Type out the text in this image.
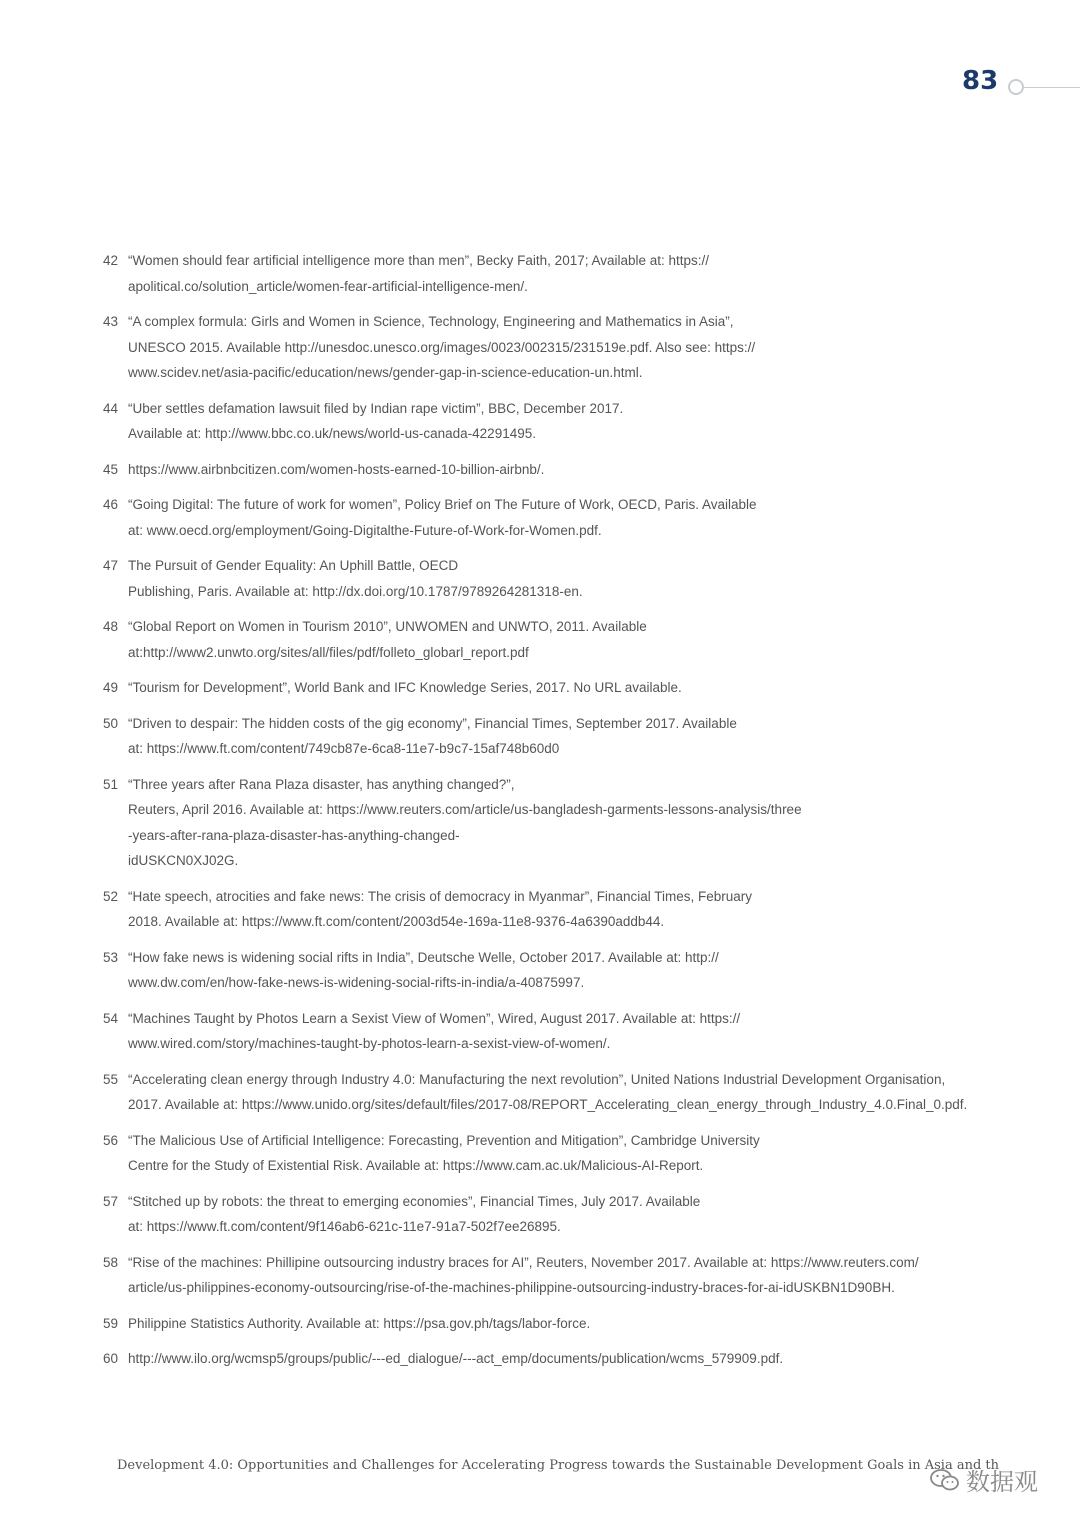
83
42 “Women should fear artificial intelligence more than men”, Becky Faith, 2017; Available at: https://
apolitical.co/solution_article/women-fear-artificial-intelligence-men/.
43 “A complex formula: Girls and Women in Science, Technology, Engineering and Mathematics in Asia”,
UNESCO 2015. Available http://unesdoc.unesco.org/images/0023/002315/231519e.pdf. Also see: https://
www.scidev.net/asia-pacific/education/news/gender-gap-in-science-education-un.html.
44 “Uber settles defamation lawsuit filed by Indian rape victim”, BBC, December 2017.
Available at: http://www.bbc.co.uk/news/world-us-canada-42291495.
45 https://www.airbnbcitizen.com/women-hosts-earned-10-billion-airbnb/.
46 “Going Digital: The future of work for women”, Policy Brief on The Future of Work, OECD, Paris. Available
at: www.oecd.org/employment/Going-Digitalthe-Future-of-Work-for-Women.pdf.
47 The Pursuit of Gender Equality: An Uphill Battle, OECD
Publishing, Paris. Available at: http://dx.doi.org/10.1787/9789264281318-en.
48 “Global Report on Women in Tourism 2010”, UNWOMEN and UNWTO, 2011. Available
at:http://www2.unwto.org/sites/all/files/pdf/folleto_globarl_report.pdf
49 “Tourism for Development”, World Bank and IFC Knowledge Series, 2017. No URL available.
50 “Driven to despair: The hidden costs of the gig economy”, Financial Times, September 2017. Available
at: https://www.ft.com/content/749cb87e-6ca8-11e7-b9c7-15af748b60d0
51 “Three years after Rana Plaza disaster, has anything changed?”,
Reuters, April 2016. Available at: https://www.reuters.com/article/us-bangladesh-garments-lessons-analysis/three
-years-after-rana-plaza-disaster-has-anything-changed-
idUSKCN0XJ02G.
52 “Hate speech, atrocities and fake news: The crisis of democracy in Myanmar”, Financial Times, February
2018. Available at: https://www.ft.com/content/2003d54e-169a-11e8-9376-4a6390addb44.
53 “How fake news is widening social rifts in India”, Deutsche Welle, October 2017. Available at: http://
www.dw.com/en/how-fake-news-is-widening-social-rifts-in-india/a-40875997.
54 “Machines Taught by Photos Learn a Sexist View of Women”, Wired, August 2017. Available at: https://
www.wired.com/story/machines-taught-by-photos-learn-a-sexist-view-of-women/.
55 “Accelerating clean energy through Industry 4.0: Manufacturing the next revolution”, United Nations Industrial Development Organisation,
2017. Available at: https://www.unido.org/sites/default/files/2017-08/REPORT_Accelerating_clean_energy_through_Industry_4.0.Final_0.pdf.
56 “The Malicious Use of Artificial Intelligence: Forecasting, Prevention and Mitigation”, Cambridge University
Centre for the Study of Existential Risk. Available at: https://www.cam.ac.uk/Malicious-AI-Report.
57 “Stitched up by robots: the threat to emerging economies”, Financial Times, July 2017. Available
at: https://www.ft.com/content/9f146ab6-621c-11e7-91a7-502f7ee26895.
58 “Rise of the machines: Phillipine outsourcing industry braces for AI”, Reuters, November 2017. Available at: https://www.reuters.com/
article/us-philippines-economy-outsourcing/rise-of-the-machines-philippine-outsourcing-industry-braces-for-ai-idUSKBN1D90BH.
59 Philippine Statistics Authority. Available at: https://psa.gov.ph/tags/labor-force.
60 http://www.ilo.org/wcmsp5/groups/public/---ed_dialogue/---act_emp/documents/publication/wcms_579909.pdf.
Development 4.0: Opportunities and Challenges for Accelerating Progress towards the Sustainable Development Goals in Asia and th
数据观
